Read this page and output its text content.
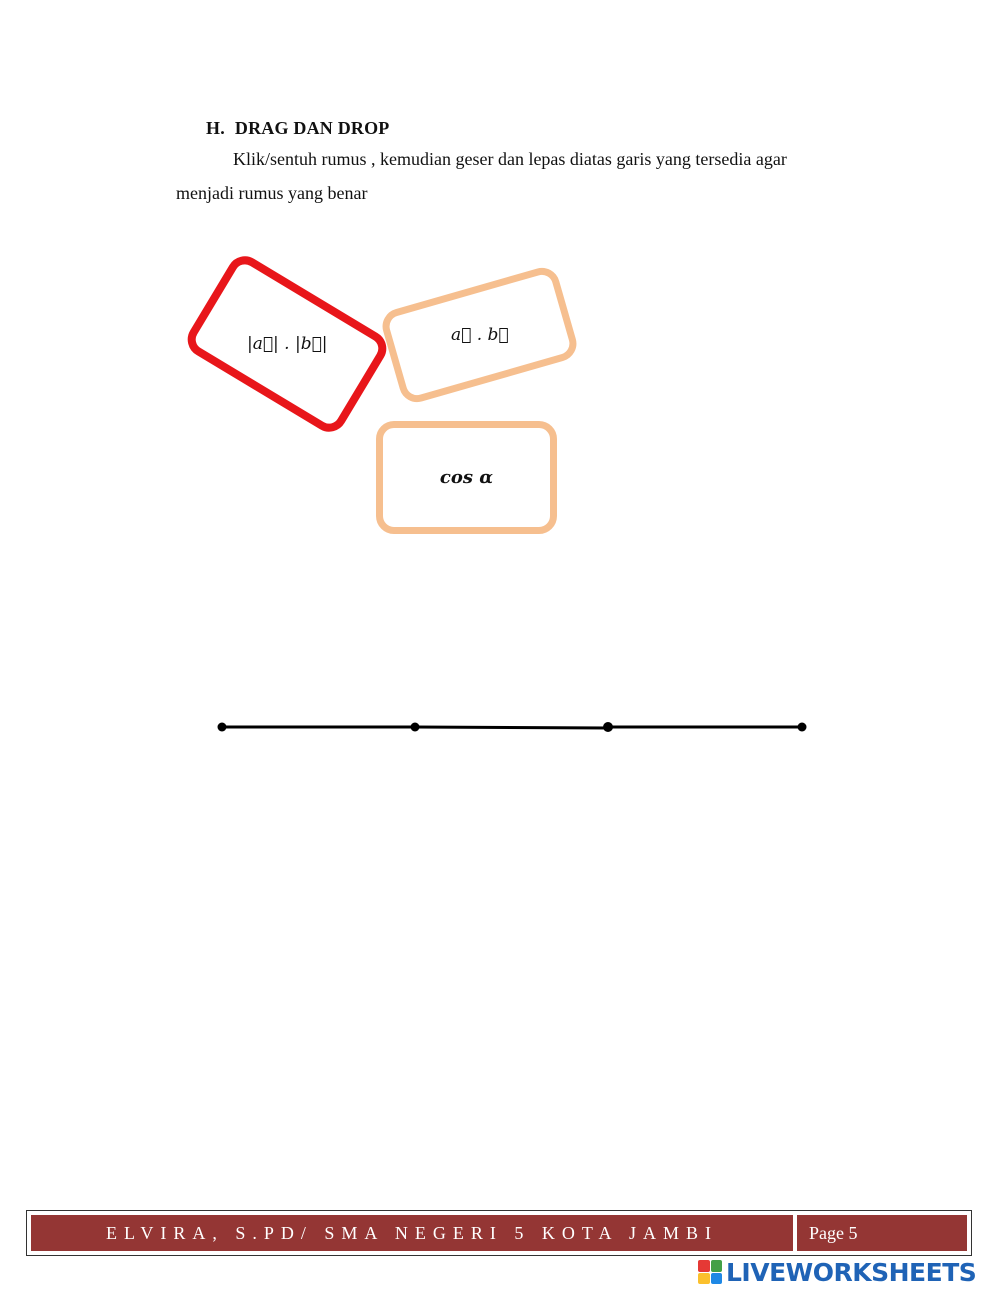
H. DRAG DAN DROP
Klik/sentuh rumus , kemudian geser dan lepas diatas garis yang tersedia agar
menjadi rumus yang benar
|a⃗| . |b⃗|	a⃗ . b⃗
cos α
ELVIRA, S.PD/ SMA NEGERI 5 KOTA JAMBI	Page 5
LIVEWORKSHEETS
